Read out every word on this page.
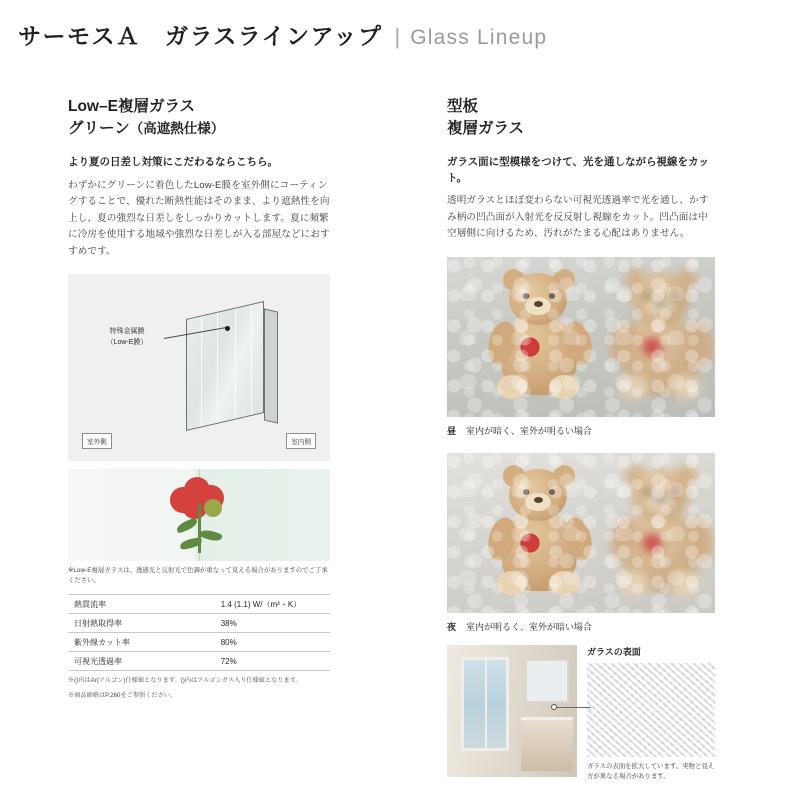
サーモスＡ　ガラスラインアップ | Glass Lineup
Low–E複層ガラス
グリーン（高遮熱仕様）
より夏の日差し対策にこだわるならこちら。
わずかにグリーンに着色したLow-E膜を室外側にコーティングすることで、優れた断熱性能はそのまま、より遮熱性を向上し、夏の強烈な日差しをしっかりカットします。夏に頻繁に冷房を使用する地域や強烈な日差しが入る部屋などにおすすめです。
特殊金属膜
（Low-E膜）
室外側	室内側
※Low-E複層ガラスは、透過光と反射光で色調が重なって見える場合がありますのでご了承ください。
熱貫流率	1.4 (1.1) W/（m²・K）
日射熱取得率	38%
紫外線カット率	80%
可視光透過率	72%
※()内はAr(アルゴン)仕様値となります。()内はアルゴンガス入り仕様値となります。
※商品価格はP.260をご参照ください。
型板
複層ガラス
ガラス面に型模様をつけて、光を通しながら視線をカット。
透明ガラスとほぼ変わらない可視光透過率で光を通し、かすみ柄の凹凸面が入射光を反反射し視線をカット。凹凸面は中空層側に向けるため、汚れがたまる心配はありません。
昼 室内が暗く、室外が明るい場合
夜 室内が明るく、室外が暗い場合
ガラスの表面
ガラスの表面を拡大しています。実物と見え方が異なる場合があります。
